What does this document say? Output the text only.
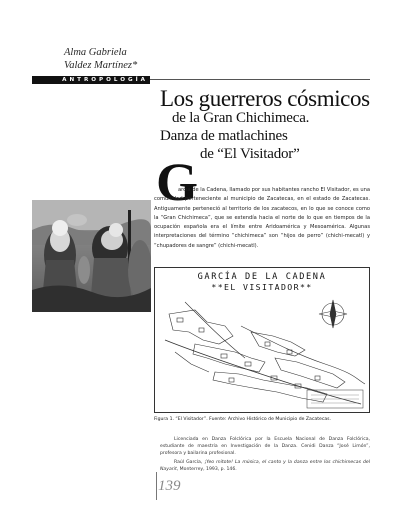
Alma Gabriela
Valdez Martínez*
ANTROPOLOGÍA
Los guerreros cósmicos
de la Gran Chichimeca.
Danza de matlachines
de “El Visitador”
G
arcía de la Cadena, llamado por sus habitantes rancho El Visitador, es una comunidad perteneciente al municipio de Zacatecas, en el estado de Zacatecas. Antiguamente perteneció al territorio de los zacatecos, en lo que se conoce como la “Gran Chichimeca”, que se extendía hacia el norte de lo que en tiempos de la ocupación española era el límite entre Aridoamérica y Mesoamérica. Algunas interpretaciones del término “chichimeca” son “hijos de perro” (chichi-mecatl) y “chupadores de sangre” (chichi-mecatl).
GARCÍA DE LA CADENA
**EL VISITADOR**
Figura 1. “El Visitador”. Fuente: Archivo Histórico de Municipio de Zacatecas.

Licenciada en Danza Folclórica por la Escuela Nacional de Danza Folclórica, estudiante de maestría en Investigación de la Danza. Cenidi Danza “José Limón”, profesora y bailarina profesional.

Raúl García, ¡Yeo mitote! La música, el canto y la danza entre los chichimecas del Nayarit, Monterrey, 1993, p. 146.

139
